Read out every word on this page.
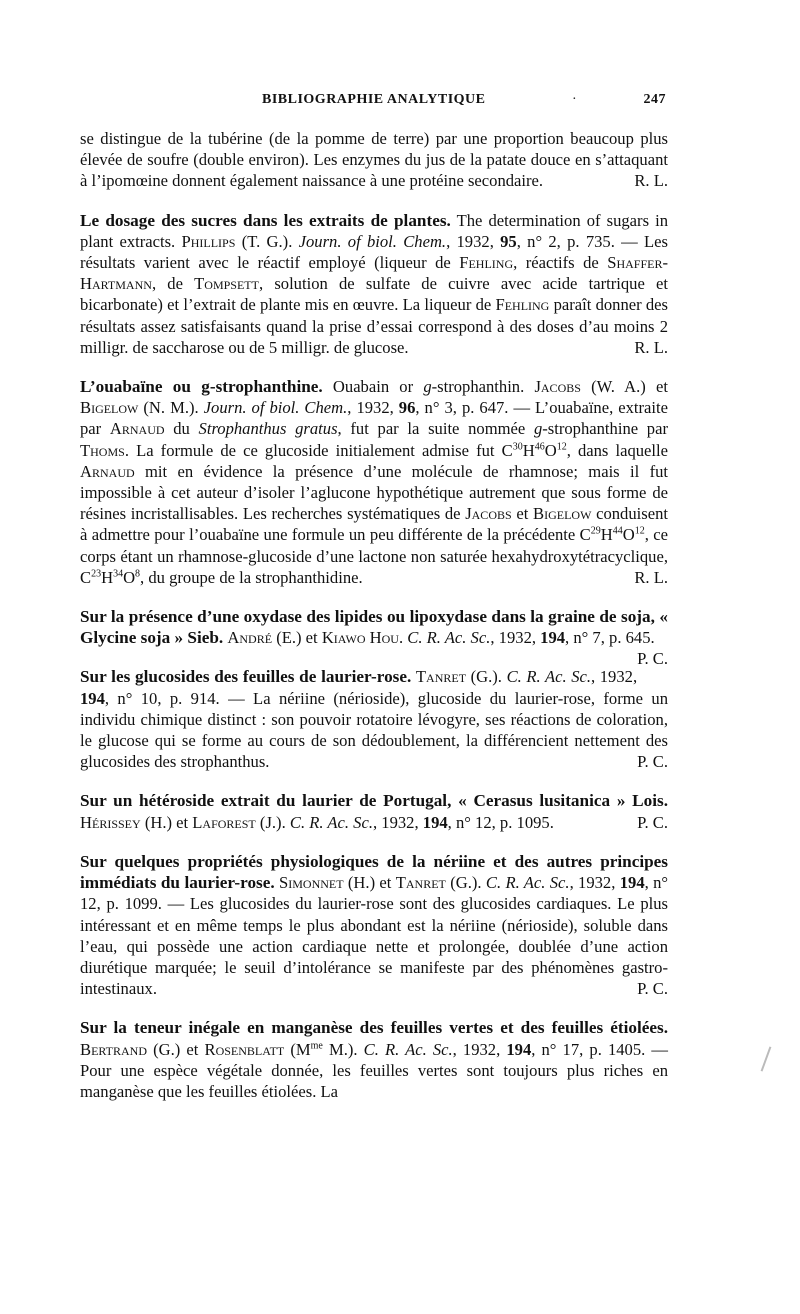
BIBLIOGRAPHIE ANALYTIQUE	·	247

se distingue de la tubérine (de la pomme de terre) par une proportion beaucoup plus élevée de soufre (double environ). Les enzymes du jus de la patate douce en s’attaquant à l’ipomœine donnent également naissance à une protéine secondaire.	R. L.

Le dosage des sucres dans les extraits de plantes. The determination of sugars in plant extracts. Phillips (T. G.). Journ. of biol. Chem., 1932, 95, n° 2, p. 735. — Les résultats varient avec le réactif employé (liqueur de Fehling, réactifs de Shaffer-Hartmann, de Tompsett, solution de sulfate de cuivre avec acide tartrique et bicarbonate) et l’extrait de plante mis en œuvre. La liqueur de Fehling paraît donner des résultats assez satisfaisants quand la prise d’essai correspond à des doses d’au moins 2 milligr. de saccharose ou de 5 milligr. de glucose.	R. L.

L’ouabaïne ou g-strophanthine. Ouabain or g-strophanthin. Jacobs (W. A.) et Bigelow (N. M.). Journ. of biol. Chem., 1932, 96, n° 3, p. 647. — L’ouabaïne, extraite par Arnaud du Strophanthus gratus, fut par la suite nommée g-strophanthine par Thoms. La formule de ce glucoside initialement admise fut $C^{30}H^{46}O^{12}$, dans laquelle Arnaud mit en évidence la présence d’une molécule de rhamnose; mais il fut impossible à cet auteur d’isoler l’aglucone hypothétique autrement que sous forme de résines incristallisables. Les recherches systématiques de Jacobs et Bigelow conduisent à admettre pour l’ouabaïne une formule un peu différente de la précédente $C^{29}H^{44}O^{12}$, ce corps étant un rhamnose-glucoside d’une lactone non saturée hexahydroxytétracyclique, $C^{23}H^{34}O^8$, du groupe de la strophanthidine.	R. L.

Sur la présence d’une oxydase des lipides ou lipoxydase dans la graine de soja, « Glycine soja » Sieb. André (E.) et Kiawo Hou. C. R. Ac. Sc., 1932, 194, n° 7, p. 645.
P. C.

Sur les glucosides des feuilles de laurier-rose. Tanret (G.). C. R. Ac. Sc., 1932, 194, n° 10, p. 914. — La nériine (nérioside), glucoside du laurier-rose, forme un individu chimique distinct : son pouvoir rotatoire lévogyre, ses réactions de coloration, le glucose qui se forme au cours de son dédoublement, la différencient nettement des glucosides des strophanthus.	P. C.

Sur un hétéroside extrait du laurier de Portugal, « Cerasus lusitanica » Lois. Hérissey (H.) et Laforest (J.). C. R. Ac. Sc., 1932, 194, n° 12, p. 1095.	P. C.

Sur quelques propriétés physiologiques de la nériine et des autres principes immédiats du laurier-rose. Simonnet (H.) et Tanret (G.). C. R. Ac. Sc., 1932, 194, n° 12, p. 1099. — Les glucosides du laurier-rose sont des glucosides cardiaques. Le plus intéressant et en même temps le plus abondant est la nériine (nérioside), soluble dans l’eau, qui possède une action cardiaque nette et prolongée, doublée d’une action diurétique marquée; le seuil d’intolérance se manifeste par des phénomènes gastro-intestinaux.	P. C.

Sur la teneur inégale en manganèse des feuilles vertes et des feuilles étiolées. Bertrand (G.) et Rosenblatt ($M^{me}$ M.). C. R. Ac. Sc., 1932, 194, n° 17, p. 1405. — Pour une espèce végétale donnée, les feuilles vertes sont toujours plus riches en manganèse que les feuilles étiolées. La
